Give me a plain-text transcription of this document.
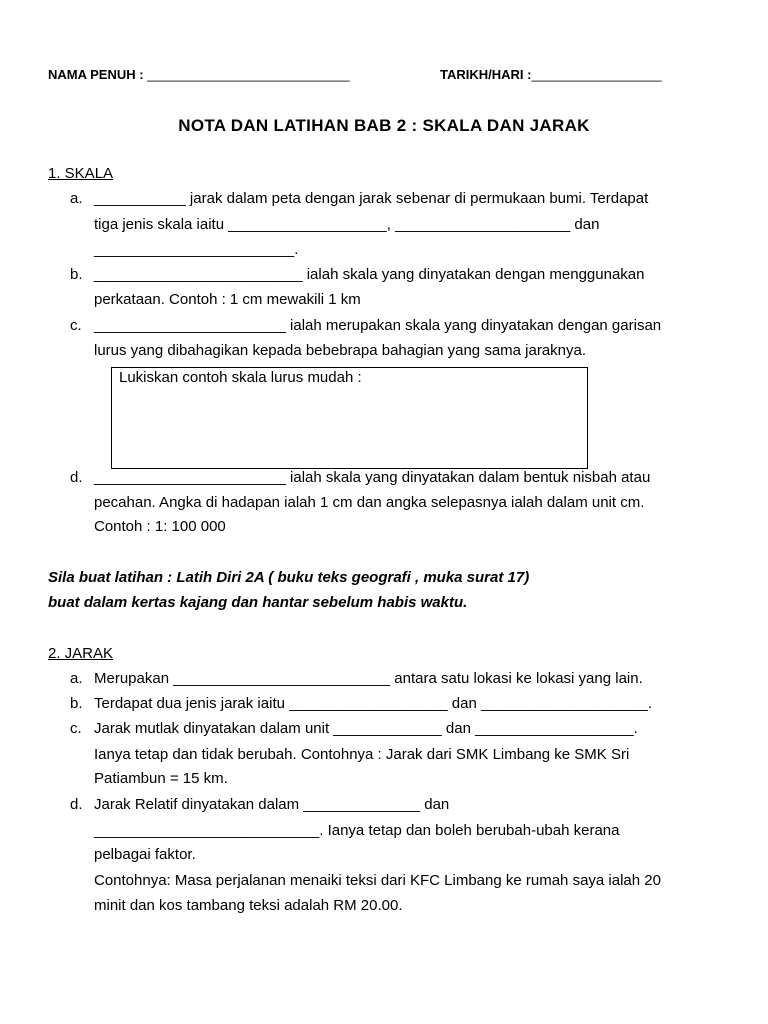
NAMA PENUH : ____________________________	TARIKH/HARI :__________________
NOTA DAN LATIHAN BAB 2 : SKALA DAN JARAK
1. SKALA
a. ___________ jarak dalam peta dengan jarak sebenar di permukaan bumi. Terdapat
tiga jenis skala iaitu ___________________, _____________________ dan
________________________.
b. _________________________ ialah skala yang dinyatakan dengan menggunakan
perkataan. Contoh : 1 cm mewakili 1 km
c. _______________________ ialah merupakan skala yang dinyatakan dengan garisan
lurus yang dibahagikan kepada bebebrapa bahagian yang sama jaraknya.
Lukiskan contoh skala lurus mudah :
d. _______________________ ialah skala yang dinyatakan dalam bentuk nisbah atau
pecahan. Angka di hadapan ialah 1 cm dan angka selepasnya ialah dalam unit cm.
Contoh : 1: 100 000
Sila buat latihan : Latih Diri 2A ( buku teks geografi , muka surat 17)
buat dalam kertas kajang dan hantar sebelum habis waktu.
2. JARAK
a. Merupakan __________________________ antara satu lokasi ke lokasi yang lain.
b. Terdapat dua jenis jarak iaitu ___________________ dan ____________________.
c. Jarak mutlak dinyatakan dalam unit _____________ dan ___________________.
Ianya tetap dan tidak berubah. Contohnya : Jarak dari SMK Limbang ke SMK Sri
Patiambun = 15 km.
d. Jarak Relatif dinyatakan dalam ______________ dan
___________________________. Ianya tetap dan boleh berubah-ubah kerana
pelbagai faktor.
Contohnya: Masa perjalanan menaiki teksi dari KFC Limbang ke rumah saya ialah 20
minit dan kos tambang teksi adalah RM 20.00.
